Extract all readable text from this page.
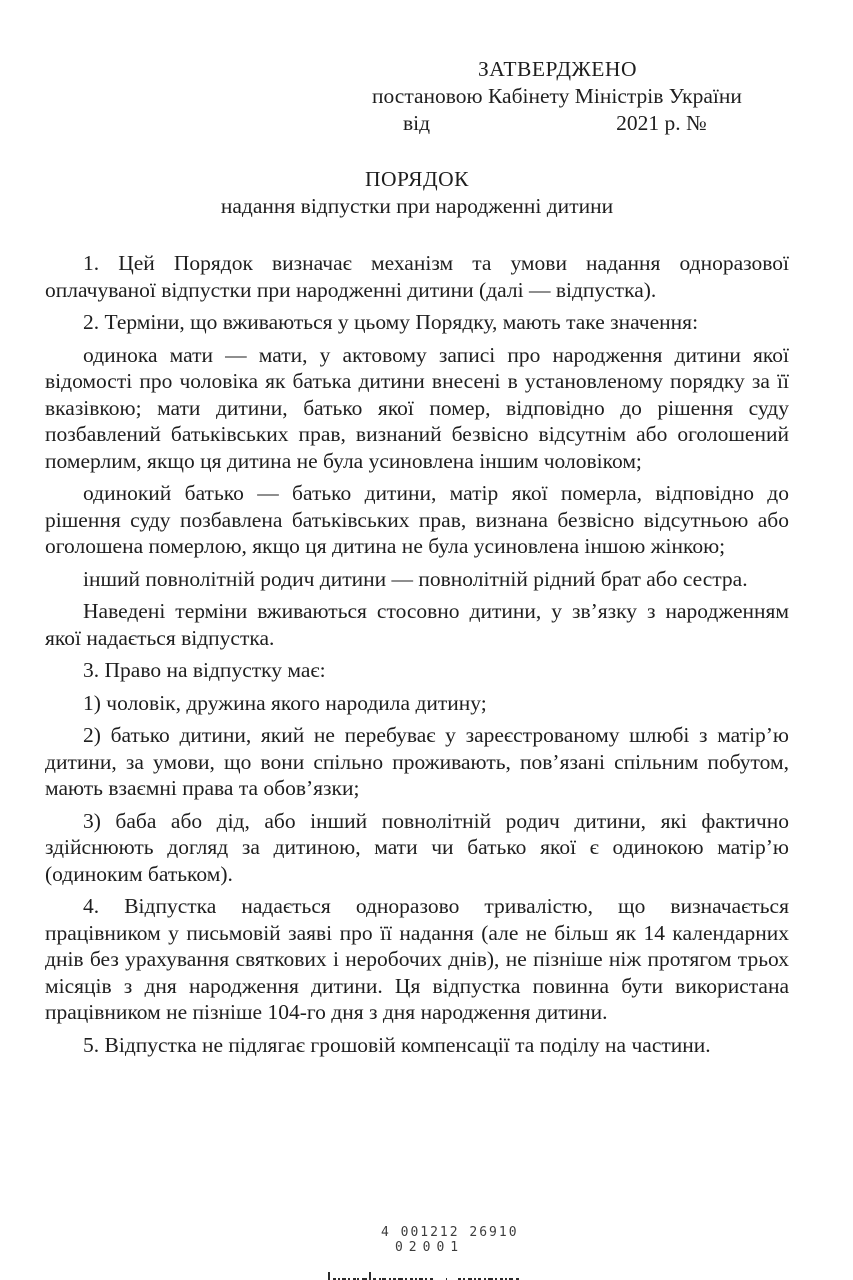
ЗАТВЕРДЖЕНО
постановою Кабінету Міністрів України
від	2021 р. №
ПОРЯДОК
надання відпустки при народженні дитини

1. Цей Порядок визначає механізм та умови надання одноразової оплачуваної відпустки при народженні дитини (далі — відпустка).

2. Терміни, що вживаються у цьому Порядку, мають таке значення:

одинока мати — мати, у актовому записі про народження дитини якої відомості про чоловіка як батька дитини внесені в установленому порядку за її вказівкою; мати дитини, батько якої помер, відповідно до рішення суду позбавлений батьківських прав, визнаний безвісно відсутнім або оголошений померлим, якщо ця дитина не була усиновлена іншим чоловіком;

одинокий батько — батько дитини, матір якої померла, відповідно до рішення суду позбавлена батьківських прав, визнана безвісно відсутньою або оголошена померлою, якщо ця дитина не була усиновлена іншою жінкою;

інший повнолітній родич дитини — повнолітній рідний брат або сестра.

Наведені терміни вживаються стосовно дитини, у зв’язку з народженням якої надається відпустка.

3. Право на відпустку має:

1) чоловік, дружина якого народила дитину;

2) батько дитини, який не перебуває у зареєстрованому шлюбі з матір’ю дитини, за умови, що вони спільно проживають, пов’язані спільним побутом, мають взаємні права та обов’язки;

3) баба або дід, або інший повнолітній родич дитини, які фактично здійснюють догляд за дитиною, мати чи батько якої є одинокою матір’ю (одиноким батьком).

4. Відпустка надається одноразово тривалістю, що визначається працівником у письмовій заяві про її надання (але не більш як 14 календарних днів без урахування святкових і неробочих днів), не пізніше ніж протягом трьох місяців з дня народження дитини. Ця відпустка повинна бути використана працівником не пізніше 104-го дня з дня народження дитини.

5. Відпустка не підлягає грошовій компенсації та поділу на частини.

4 001212 26910
02001
